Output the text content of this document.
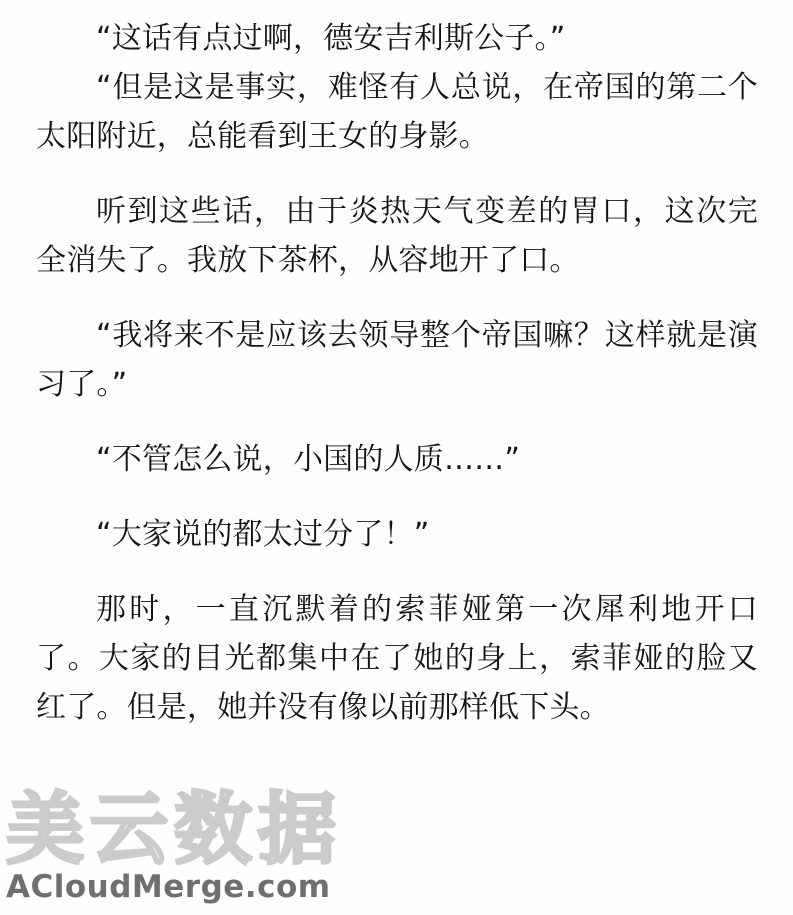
“这话有点过啊，德安吉利斯公子。”

“但是这是事实，难怪有人总说，在帝国的第二个太阳附近，总能看到王女的身影。

听到这些话，由于炎热天气变差的胃口，这次完全消失了。我放下茶杯，从容地开了口。

“我将来不是应该去领导整个帝国嘛？这样就是演习了。”

“不管怎么说，小国的人质……”

“大家说的都太过分了！”

那时，一直沉默着的索菲娅第一次犀利地开口了。大家的目光都集中在了她的身上，索菲娅的脸又红了。但是，她并没有像以前那样低下头。

美云数据
ACloudMerge.com
